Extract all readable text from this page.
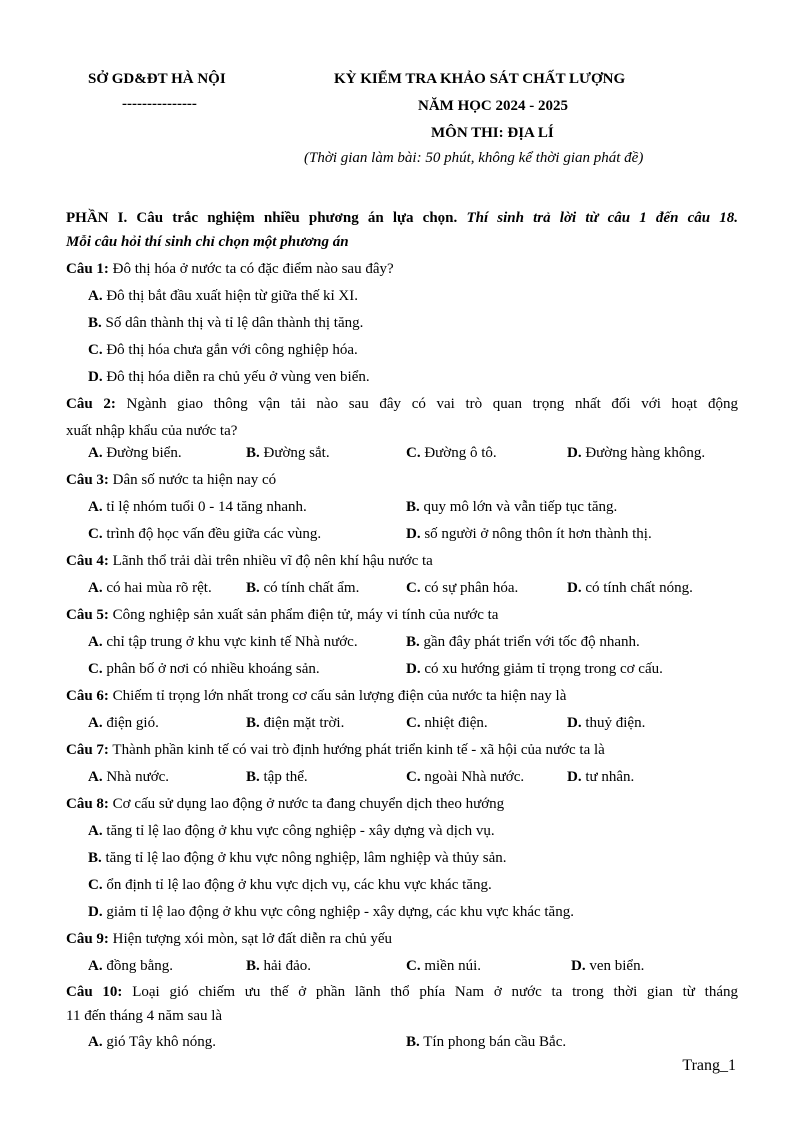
SỞ GD&ĐT HÀ NỘI
---------------
KỲ KIỂM TRA KHẢO SÁT CHẤT LƯỢNG
NĂM HỌC 2024 - 2025
MÔN THI: ĐỊA LÍ
(Thời gian làm bài: 50 phút, không kể thời gian phát đề)
PHẦN I. Câu trắc nghiệm nhiều phương án lựa chọn. Thí sinh trả lời từ câu 1 đến câu 18.
Mỗi câu hỏi thí sinh chỉ chọn một phương án
Câu 1: Đô thị hóa ở nước ta có đặc điểm nào sau đây?
A. Đô thị bắt đầu xuất hiện từ giữa thế kỉ XI.
B. Số dân thành thị và tỉ lệ dân thành thị tăng.
C. Đô thị hóa chưa gắn với công nghiệp hóa.
D. Đô thị hóa diễn ra chủ yếu ở vùng ven biển.
Câu 2: Ngành giao thông vận tải nào sau đây có vai trò quan trọng nhất đối với hoạt động
xuất nhập khẩu của nước ta?
A. Đường biển.	B. Đường sắt.	C. Đường ô tô.	D. Đường hàng không.
Câu 3: Dân số nước ta hiện nay có
A. tỉ lệ nhóm tuổi 0 - 14 tăng nhanh.	B. quy mô lớn và vẫn tiếp tục tăng.
C. trình độ học vấn đều giữa các vùng.	D. số người ở nông thôn ít hơn thành thị.
Câu 4: Lãnh thổ trải dài trên nhiều vĩ độ nên khí hậu nước ta
A. có hai mùa rõ rệt. B. có tính chất ẩm.	C. có sự phân hóa.	D. có tính chất nóng.
Câu 5: Công nghiệp sản xuất sản phẩm điện tử, máy vi tính của nước ta
A. chỉ tập trung ở khu vực kinh tế Nhà nước.	B. gần đây phát triển với tốc độ nhanh.
C. phân bố ở nơi có nhiều khoáng sản.	D. có xu hướng giảm tỉ trọng trong cơ cấu.
Câu 6: Chiếm tỉ trọng lớn nhất trong cơ cấu sản lượng điện của nước ta hiện nay là
A. điện gió.	B. điện mặt trời.	C. nhiệt điện.	D. thuỷ điện.
Câu 7: Thành phần kinh tế có vai trò định hướng phát triển kinh tế - xã hội của nước ta là
A. Nhà nước.	B. tập thể.	C. ngoài Nhà nước.	D. tư nhân.
Câu 8: Cơ cấu sử dụng lao động ở nước ta đang chuyển dịch theo hướng
A. tăng tỉ lệ lao động ở khu vực công nghiệp - xây dựng và dịch vụ.
B. tăng tỉ lệ lao động ở khu vực nông nghiệp, lâm nghiệp và thủy sản.
C. ổn định tỉ lệ lao động ở khu vực dịch vụ, các khu vực khác tăng.
D. giảm tỉ lệ lao động ở khu vực công nghiệp - xây dựng, các khu vực khác tăng.
Câu 9: Hiện tượng xói mòn, sạt lở đất diễn ra chủ yếu
A. đồng bằng.	B. hải đảo.	C. miền núi.	D. ven biển.
Câu 10: Loại gió chiếm ưu thế ở phần lãnh thổ phía Nam ở nước ta trong thời gian từ tháng
11 đến tháng 4 năm sau là
A. gió Tây khô nóng.	B. Tín phong bán cầu Bắc.
Trang_1
